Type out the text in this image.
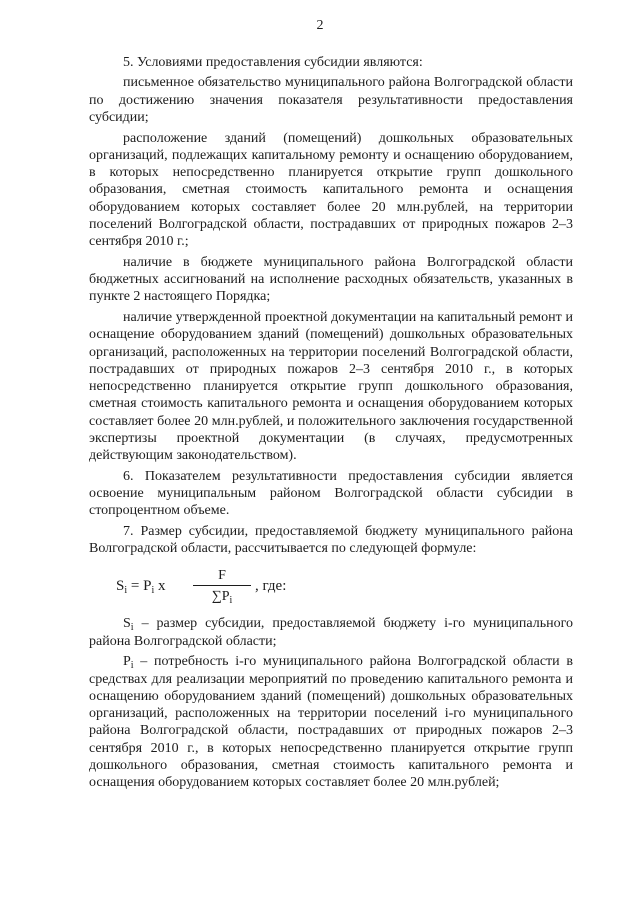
2

5. Условиями предоставления субсидии являются:

письменное обязательство муниципального района Волгоградской области по достижению значения показателя результативности предоставления субсидии;

расположение зданий (помещений) дошкольных образовательных организаций, подлежащих капитальному ремонту и оснащению оборудованием, в которых непосредственно планируется открытие групп дошкольного образования, сметная стоимость капитального ремонта и оснащения оборудованием которых составляет более 20 млн.рублей, на территории поселений Волгоградской области, пострадавших от природных пожаров 2–3 сентября 2010 г.;

наличие в бюджете муниципального района Волгоградской области бюджетных ассигнований на исполнение расходных обязательств, указанных в пункте 2 настоящего Порядка;

наличие утвержденной проектной документации на капитальный ремонт и оснащение оборудованием зданий (помещений) дошкольных образовательных организаций, расположенных на территории поселений Волгоградской области, пострадавших от природных пожаров 2–3 сентября 2010 г., в которых непосредственно планируется открытие групп дошкольного образования, сметная стоимость капитального ремонта и оснащения оборудованием которых составляет более 20 млн.рублей, и положительного заключения государственной экспертизы проектной документации (в случаях, предусмотренных действующим законодательством).

6. Показателем результативности предоставления субсидии является освоение муниципальным районом Волгоградской области субсидии в стопроцентном объеме.

7. Размер субсидии, предоставляемой бюджету муниципального района Волгоградской области, рассчитывается по следующей формуле:

$S_i = P_i$ x
F
$\sum P_i$
, где:

$S_i$ – размер субсидии, предоставляемой бюджету i-го муниципального района Волгоградской области;

$P_i$ – потребность i-го муниципального района Волгоградской области в средствах для реализации мероприятий по проведению капитального ремонта и оснащению оборудованием зданий (помещений) дошкольных образовательных организаций, расположенных на территории поселений i-го муниципального района Волгоградской области, пострадавших от природных пожаров 2–3 сентября 2010 г., в которых непосредственно планируется открытие групп дошкольного образования, сметная стоимость капитального ремонта и оснащения оборудованием которых составляет более 20 млн.рублей;
